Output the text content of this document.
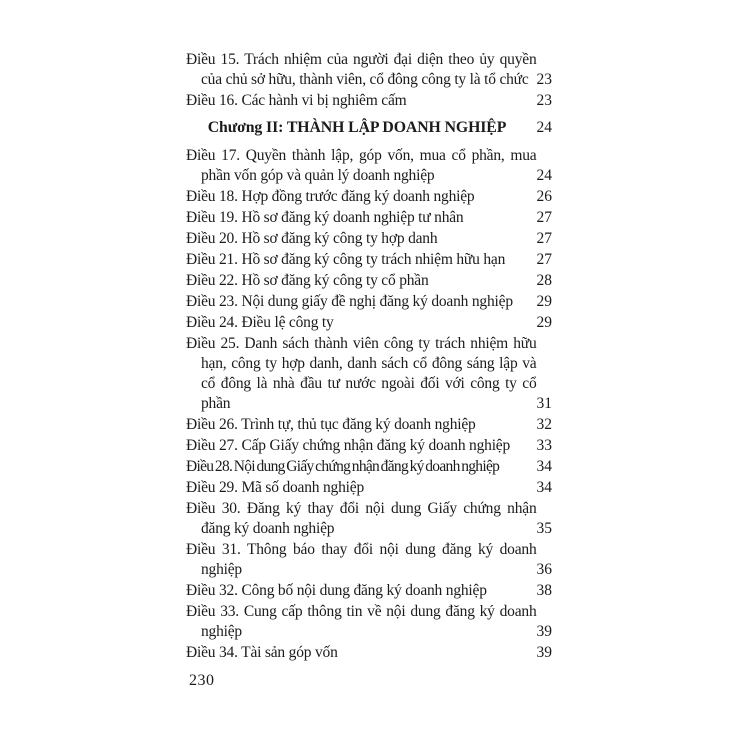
Điều 15. Trách nhiệm của người đại diện theo ủy quyền của chủ sở hữu, thành viên, cổ đông công ty là tổ chức 23
Điều 16. Các hành vi bị nghiêm cấm	23
Chương II: THÀNH LẬP DOANH NGHIỆP	24
Điều 17. Quyền thành lập, góp vốn, mua cổ phần, mua phần vốn góp và quản lý doanh nghiệp	24
Điều 18. Hợp đồng trước đăng ký doanh nghiệp	26
Điều 19. Hồ sơ đăng ký doanh nghiệp tư nhân	27
Điều 20. Hồ sơ đăng ký công ty hợp danh	27
Điều 21. Hồ sơ đăng ký công ty trách nhiệm hữu hạn	27
Điều 22. Hồ sơ đăng ký công ty cổ phần	28
Điều 23. Nội dung giấy đề nghị đăng ký doanh nghiệp	29
Điều 24. Điều lệ công ty	29
Điều 25. Danh sách thành viên công ty trách nhiệm hữu hạn, công ty hợp danh, danh sách cổ đông sáng lập và cổ đông là nhà đầu tư nước ngoài đối với công ty cổ phần	31
Điều 26. Trình tự, thủ tục đăng ký doanh nghiệp	32
Điều 27. Cấp Giấy chứng nhận đăng ký doanh nghiệp	33
Điều 28. Nội dung Giấy chứng nhận đăng ký doanh nghiệp	34
Điều 29. Mã số doanh nghiệp	34
Điều 30. Đăng ký thay đổi nội dung Giấy chứng nhận đăng ký doanh nghiệp	35
Điều 31. Thông báo thay đổi nội dung đăng ký doanh nghiệp	36
Điều 32. Công bố nội dung đăng ký doanh nghiệp	38
Điều 33. Cung cấp thông tin về nội dung đăng ký doanh nghiệp	39
Điều 34. Tài sản góp vốn	39
230
